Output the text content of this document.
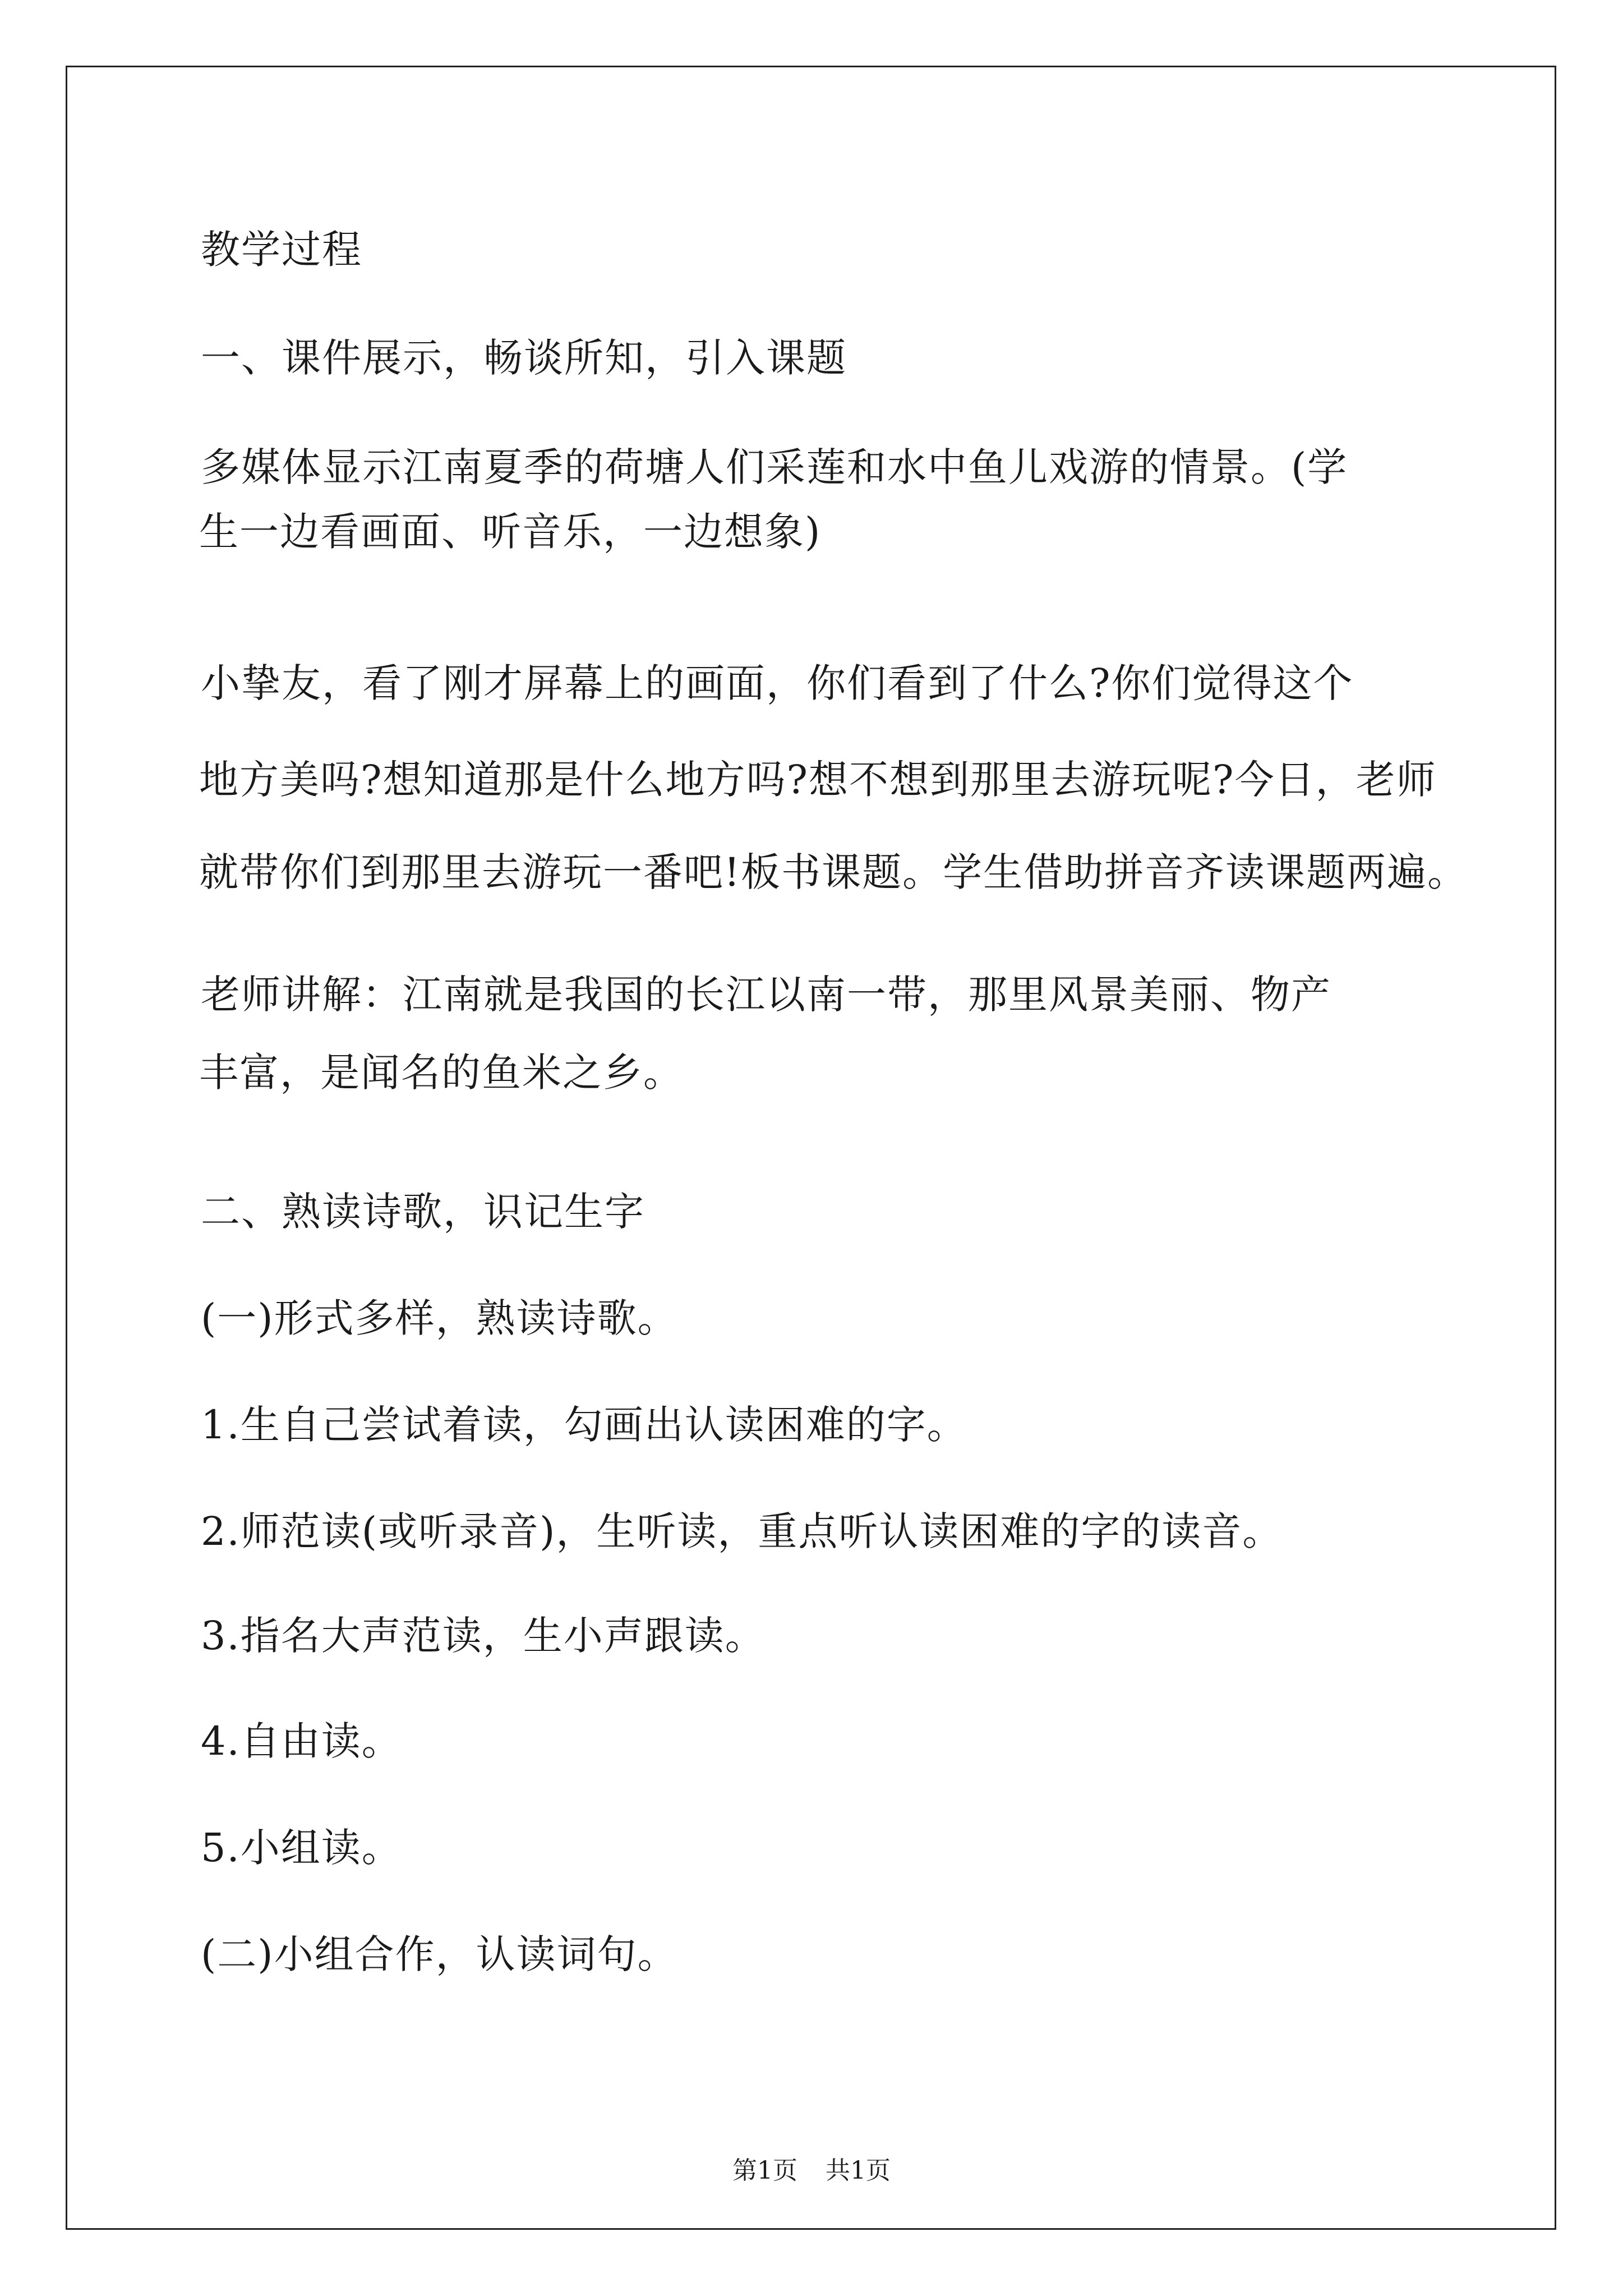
教学过程
一、课件展示，畅谈所知，引入课题
多媒体显示江南夏季的荷塘人们采莲和水中鱼儿戏游的情景。(学
生一边看画面、听音乐，一边想象)
小挚友，看了刚才屏幕上的画面，你们看到了什么?你们觉得这个
地方美吗?想知道那是什么地方吗?想不想到那里去游玩呢?今日，老师
就带你们到那里去游玩一番吧!板书课题。学生借助拼音齐读课题两遍。
老师讲解：江南就是我国的长江以南一带，那里风景美丽、物产
丰富，是闻名的鱼米之乡。
二、熟读诗歌，识记生字
(一)形式多样，熟读诗歌。
1.生自己尝试着读，勾画出认读困难的字。
2.师范读(或听录音)，生听读，重点听认读困难的字的读音。
3.指名大声范读，生小声跟读。
4.自由读。
5.小组读。
(二)小组合作，认读词句。
第1页 共1页
